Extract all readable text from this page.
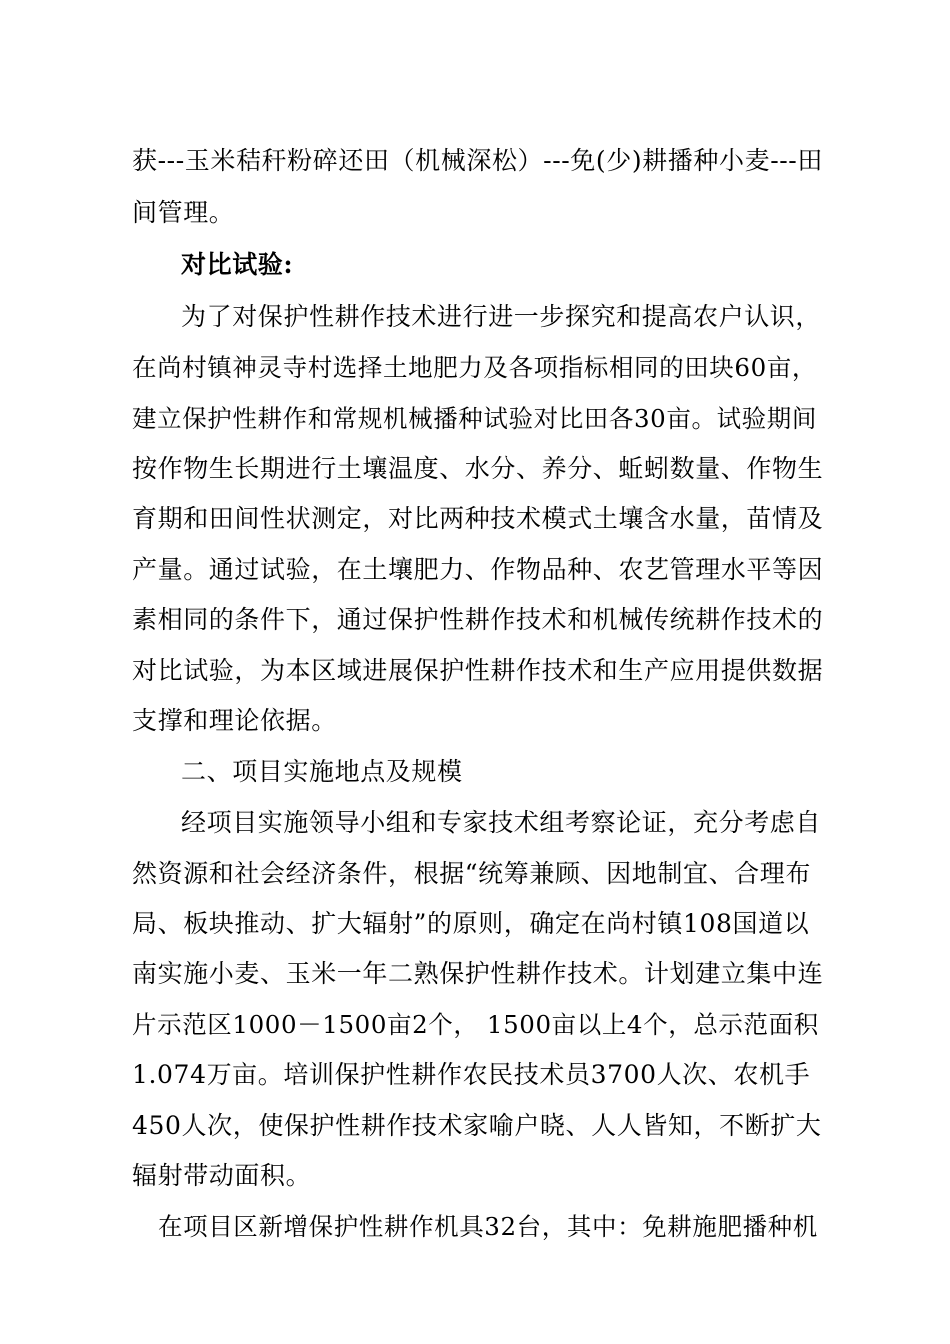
获---玉米秸秆粉碎还田（机械深松）---免(少)耕播种小麦---田
间管理。
对比试验:
为了对保护性耕作技术进行进一步探究和提高农户认识，
在尚村镇神灵寺村选择土地肥力及各项指标相同的田块60亩，
建立保护性耕作和常规机械播种试验对比田各30亩。试验期间
按作物生长期进行土壤温度、水分、养分、蚯蚓数量、作物生
育期和田间性状测定，对比两种技术模式土壤含水量，苗情及
产量。通过试验，在土壤肥力、作物品种、农艺管理水平等因
素相同的条件下，通过保护性耕作技术和机械传统耕作技术的
对比试验，为本区域进展保护性耕作技术和生产应用提供数据
支撑和理论依据。
二、项目实施地点及规模
经项目实施领导小组和专家技术组考察论证，充分考虑自
然资源和社会经济条件，根据“统筹兼顾、因地制宜、合理布
局、板块推动、扩大辐射”的原则，确定在尚村镇108国道以
南实施小麦、玉米一年二熟保护性耕作技术。计划建立集中连
片示范区1000－1500亩2个， 1500亩以上4个，总示范面积
1.074万亩。培训保护性耕作农民技术员3700人次、农机手
450人次，使保护性耕作技术家喻户晓、人人皆知，不断扩大
辐射带动面积。
在项目区新增保护性耕作机具32台，其中：免耕施肥播种机
